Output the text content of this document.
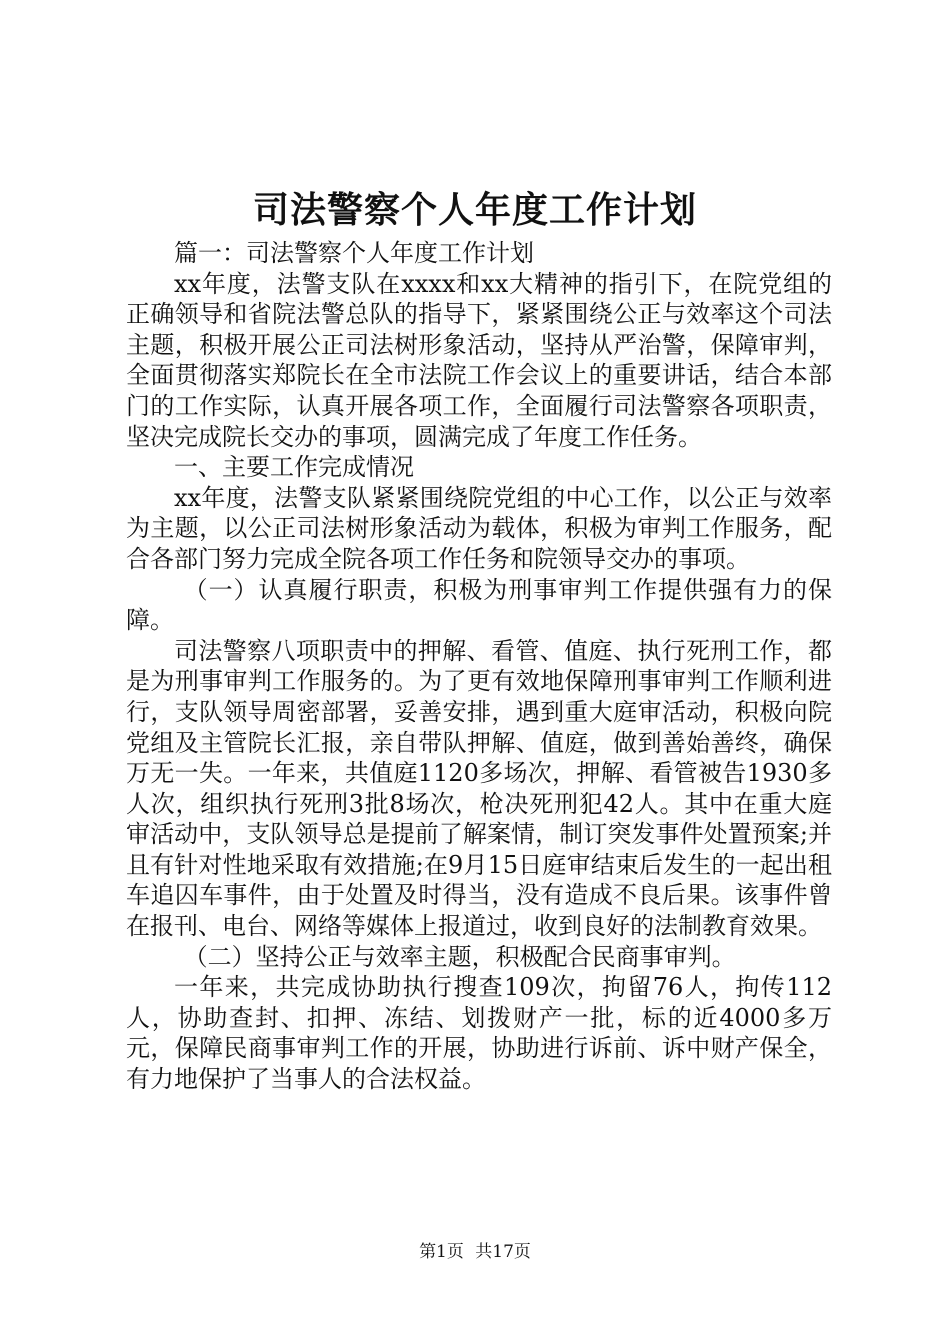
司法警察个人年度工作计划

篇一：司法警察个人年度工作计划

xx年度，法警支队在xxxx和xx大精神的指引下，在院党组的正确领导和省院法警总队的指导下，紧紧围绕公正与效率这个司法主题，积极开展公正司法树形象活动，坚持从严治警，保障审判，全面贯彻落实郑院长在全市法院工作会议上的重要讲话，结合本部门的工作实际，认真开展各项工作，全面履行司法警察各项职责，坚决完成院长交办的事项，圆满完成了年度工作任务。

一、主要工作完成情况

xx年度，法警支队紧紧围绕院党组的中心工作，以公正与效率为主题，以公正司法树形象活动为载体，积极为审判工作服务，配合各部门努力完成全院各项工作任务和院领导交办的事项。

（一）认真履行职责，积极为刑事审判工作提供强有力的保障。

司法警察八项职责中的押解、看管、值庭、执行死刑工作，都是为刑事审判工作服务的。为了更有效地保障刑事审判工作顺利进行，支队领导周密部署，妥善安排，遇到重大庭审活动，积极向院党组及主管院长汇报，亲自带队押解、值庭，做到善始善终，确保万无一失。一年来，共值庭1120多场次，押解、看管被告1930多人次，组织执行死刑3批8场次，枪决死刑犯42人。其中在重大庭审活动中，支队领导总是提前了解案情，制订突发事件处置预案;并且有针对性地采取有效措施;在9月15日庭审结束后发生的一起出租车追囚车事件，由于处置及时得当，没有造成不良后果。该事件曾在报刊、电台、网络等媒体上报道过，收到良好的法制教育效果。

（二）坚持公正与效率主题，积极配合民商事审判。

一年来，共完成协助执行搜查109次，拘留76人，拘传112人，协助查封、扣押、冻结、划拨财产一批，标的近4000多万元，保障民商事审判工作的开展，协助进行诉前、诉中财产保全，有力地保护了当事人的合法权益。

第1页 共17页
